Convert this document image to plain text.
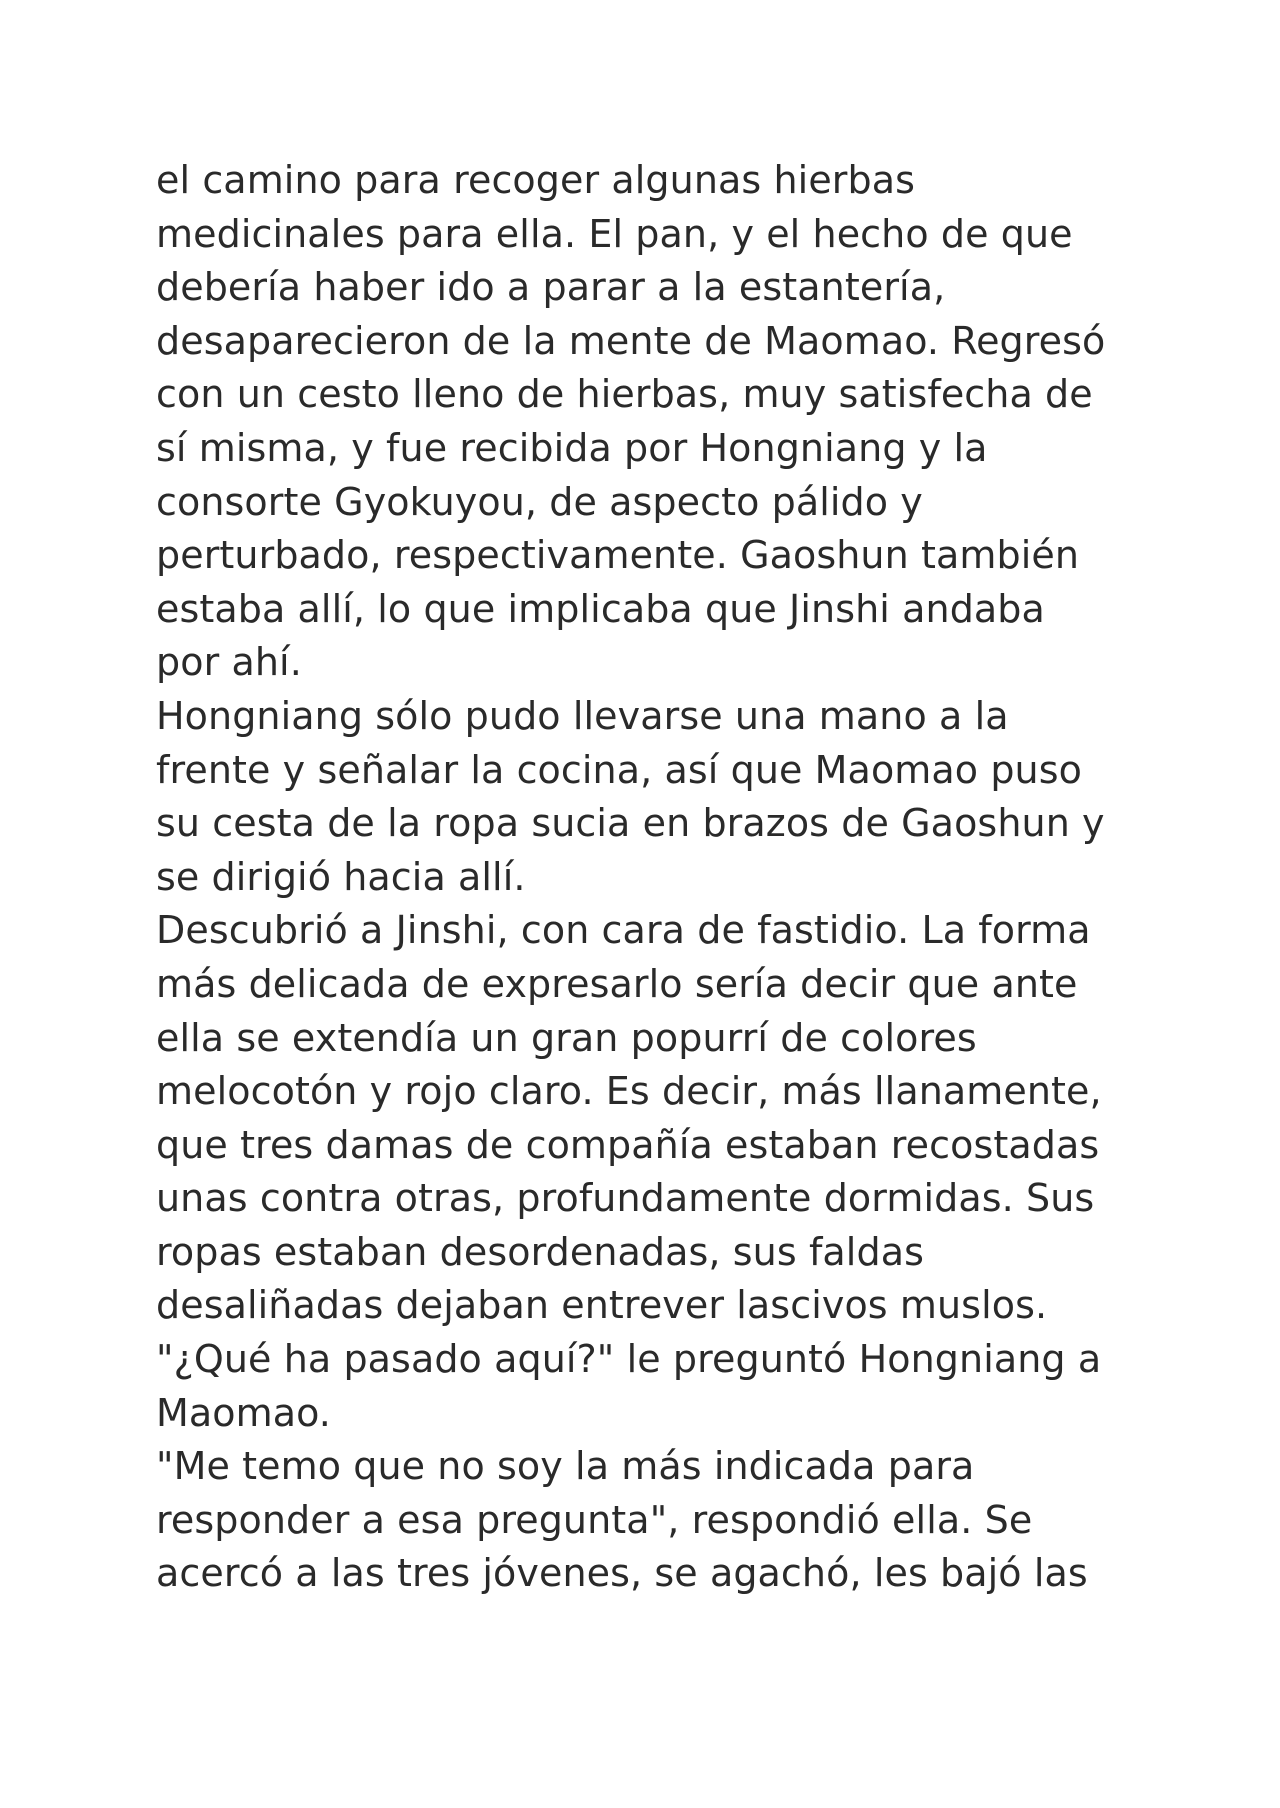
el camino para recoger algunas hierbas
medicinales para ella. El pan, y el hecho de que
debería haber ido a parar a la estantería,
desaparecieron de la mente de Maomao. Regresó
con un cesto lleno de hierbas, muy satisfecha de
sí misma, y fue recibida por Hongniang y la
consorte Gyokuyou, de aspecto pálido y
perturbado, respectivamente. Gaoshun también
estaba allí, lo que implicaba que Jinshi andaba
por ahí.

Hongniang sólo pudo llevarse una mano a la
frente y señalar la cocina, así que Maomao puso
su cesta de la ropa sucia en brazos de Gaoshun y
se dirigió hacia allí.

Descubrió a Jinshi, con cara de fastidio. La forma
más delicada de expresarlo sería decir que ante
ella se extendía un gran popurrí de colores
melocotón y rojo claro. Es decir, más llanamente,
que tres damas de compañía estaban recostadas
unas contra otras, profundamente dormidas. Sus
ropas estaban desordenadas, sus faldas
desaliñadas dejaban entrever lascivos muslos.

"¿Qué ha pasado aquí?" le preguntó Hongniang a
Maomao.

"Me temo que no soy la más indicada para
responder a esa pregunta", respondió ella. Se
acercó a las tres jóvenes, se agachó, les bajó las
